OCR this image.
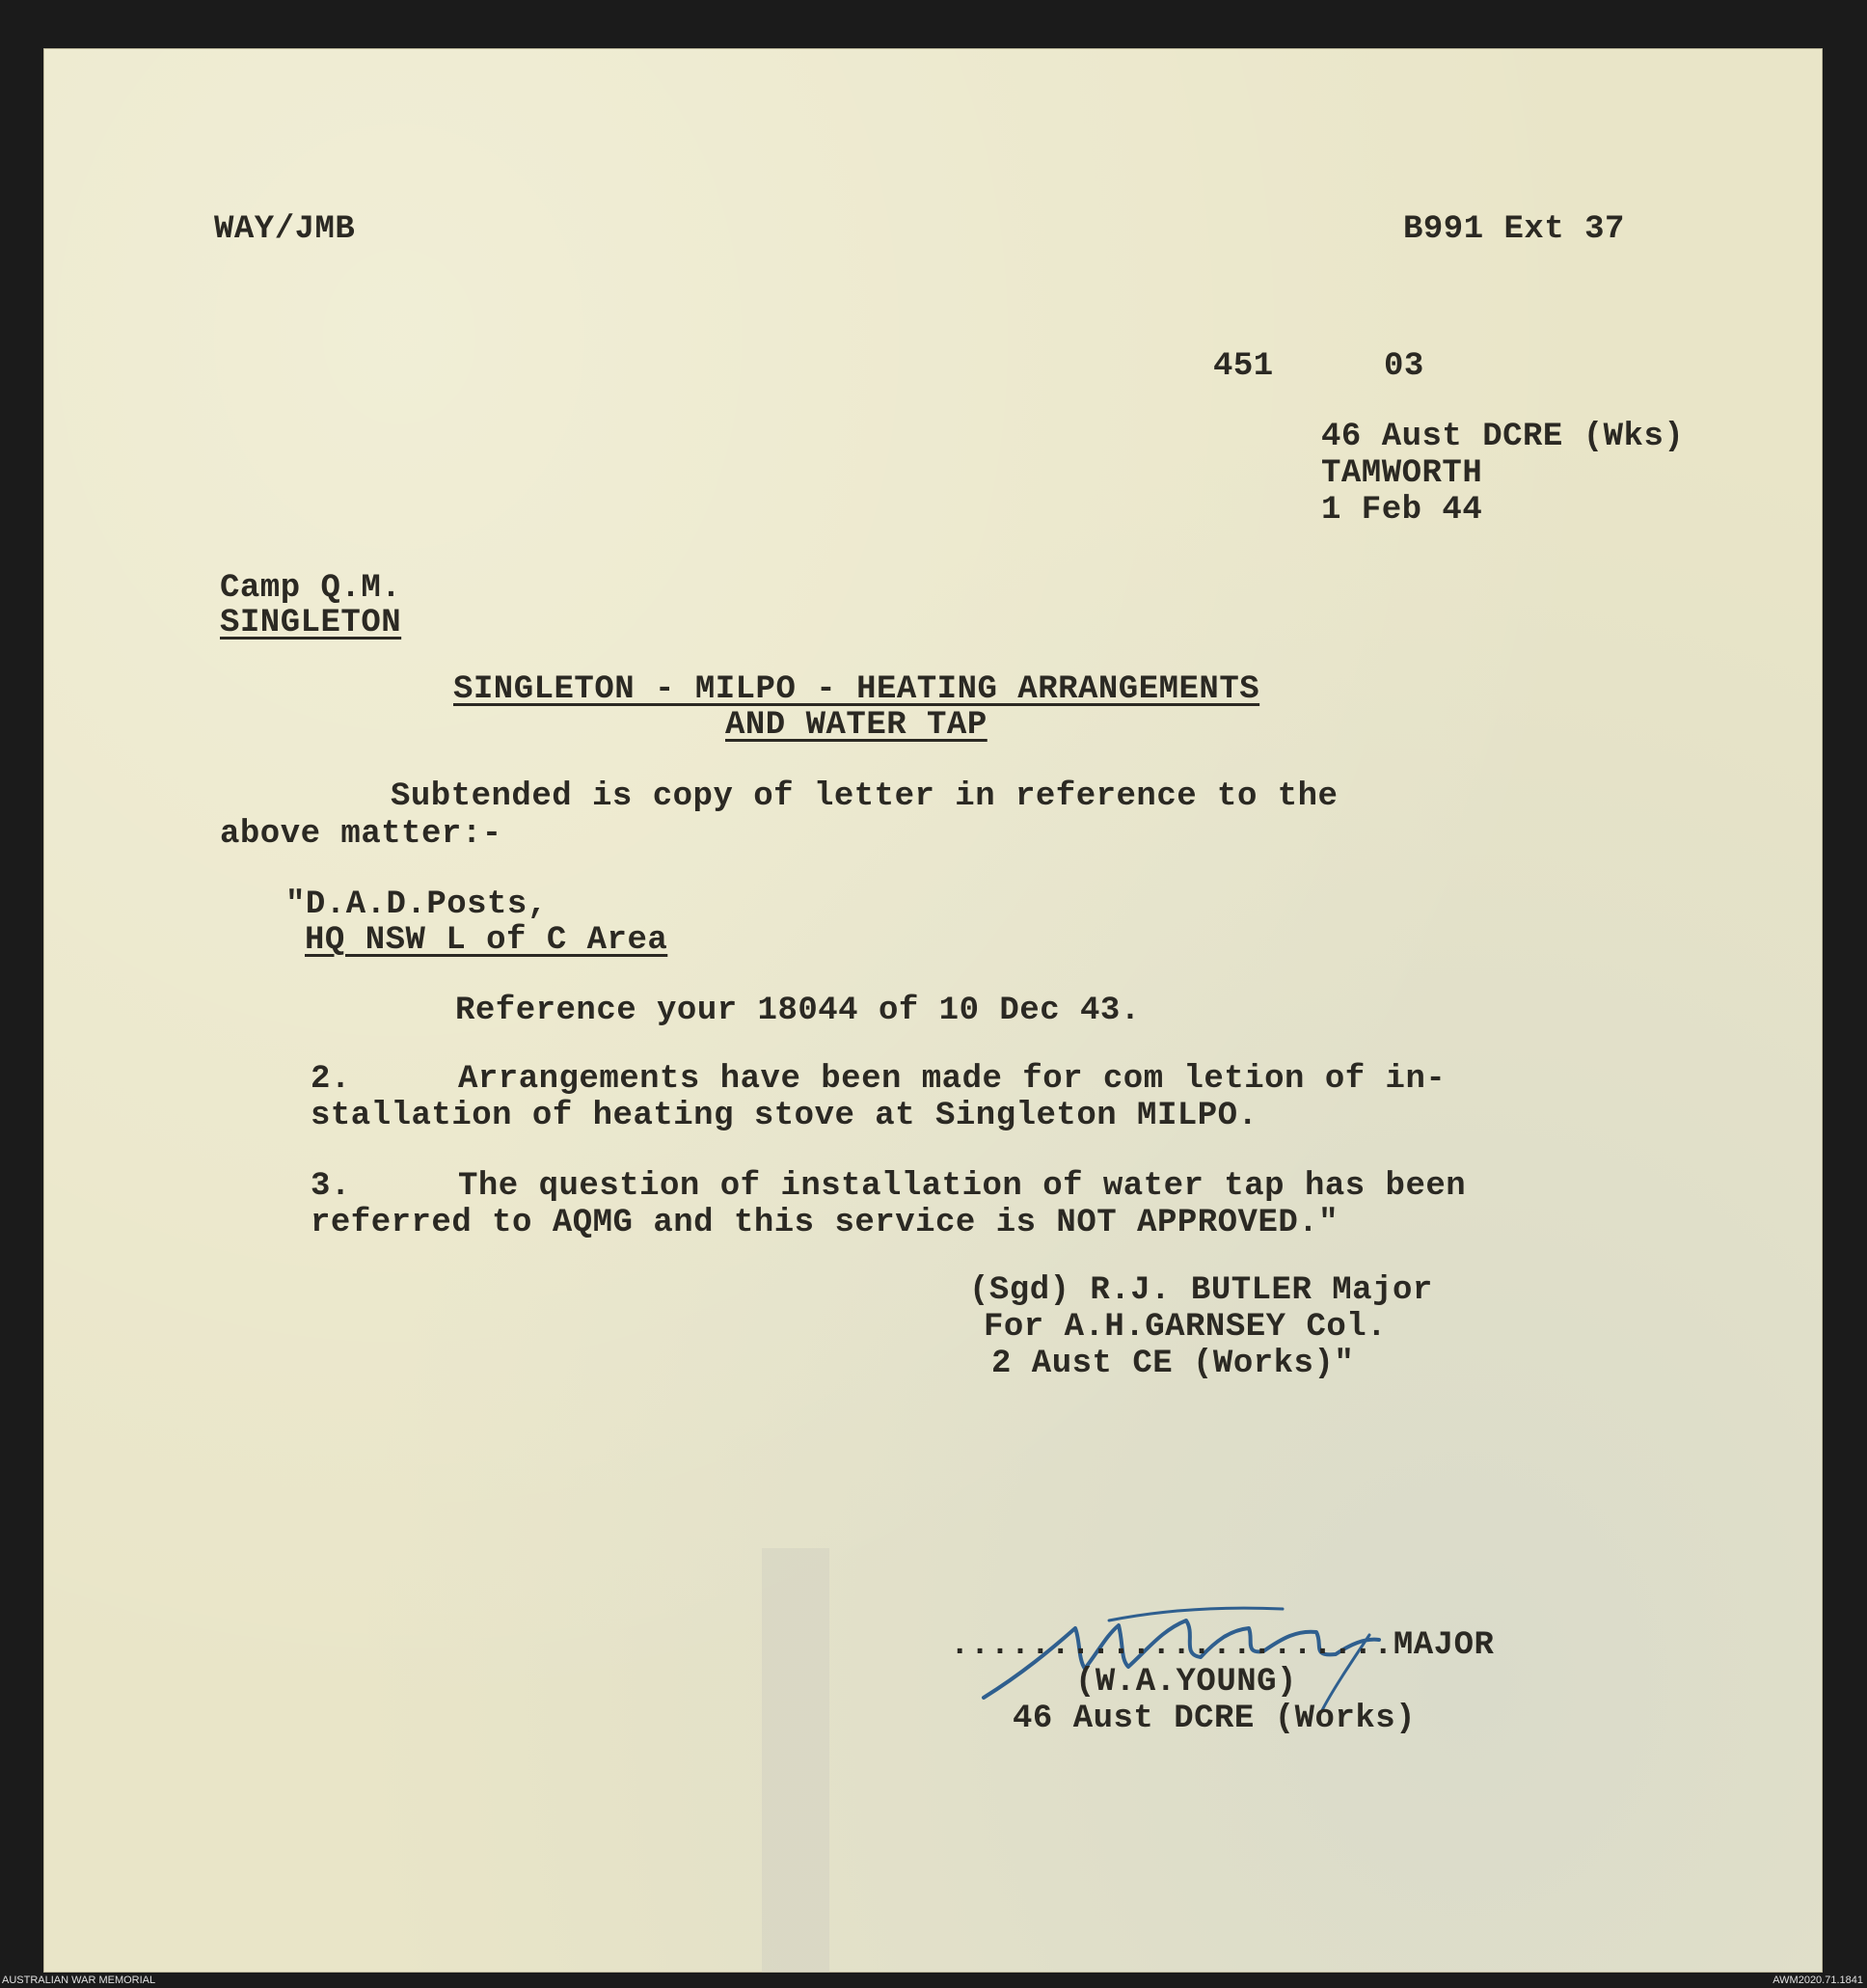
WAY/JMB	B991 Ext 37
451	03
46 Aust DCRE (Wks)
TAMWORTH
1 Feb 44
Camp Q.M.
SINGLETON
SINGLETON - MILPO - HEATING ARRANGEMENTS
AND WATER TAP
Subtended is copy of letter in reference to the
above matter:-
"D.A.D.Posts,
HQ NSW L of C Area
Reference your 18044 of 10 Dec 43.
2.	Arrangements have been made for com letion of in-
stallation of heating stove at Singleton MILPO.
3.	The question of installation of water tap has been
referred to AQMG and this service is NOT APPROVED."
(Sgd) R.J. BUTLER Major
For A.H.GARNSEY Col.
2 Aust CE (Works)"
......................MAJOR
(W.A.YOUNG)
46 Aust DCRE (Works)
AUSTRALIAN WAR MEMORIAL	AWM2020.71.1841
